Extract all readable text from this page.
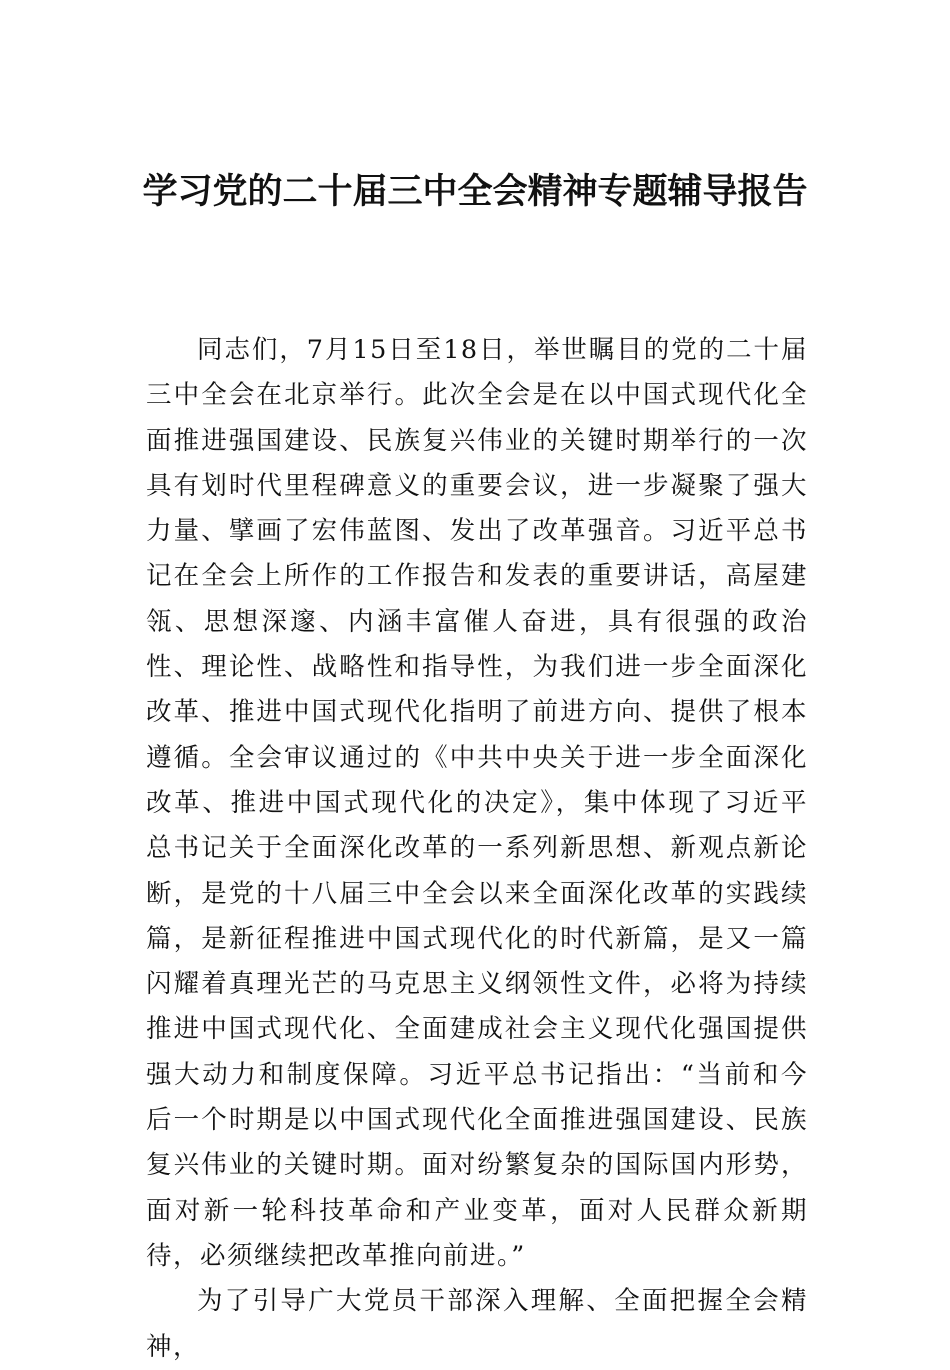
学习党的二十届三中全会精神专题辅导报告

同志们，7月15日至18日，举世瞩目的党的二十届三中全会在北京举行。此次全会是在以中国式现代化全面推进强国建设、民族复兴伟业的关键时期举行的一次具有划时代里程碑意义的重要会议，进一步凝聚了强大力量、擘画了宏伟蓝图、发出了改革强音。习近平总书记在全会上所作的工作报告和发表的重要讲话，高屋建瓴、思想深邃、内涵丰富催人奋进，具有很强的政治性、理论性、战略性和指导性，为我们进一步全面深化改革、推进中国式现代化指明了前进方向、提供了根本遵循。全会审议通过的《中共中央关于进一步全面深化改革、推进中国式现代化的决定》，集中体现了习近平总书记关于全面深化改革的一系列新思想、新观点新论断，是党的十八届三中全会以来全面深化改革的实践续篇，是新征程推进中国式现代化的时代新篇，是又一篇闪耀着真理光芒的马克思主义纲领性文件，必将为持续推进中国式现代化、全面建成社会主义现代化强国提供强大动力和制度保障。习近平总书记指出：“当前和今后一个时期是以中国式现代化全面推进强国建设、民族复兴伟业的关键时期。面对纷繁复杂的国际国内形势，面对新一轮科技革命和产业变革，面对人民群众新期待，必须继续把改革推向前进。”

为了引导广大党员干部深入理解、全面把握全会精神，
